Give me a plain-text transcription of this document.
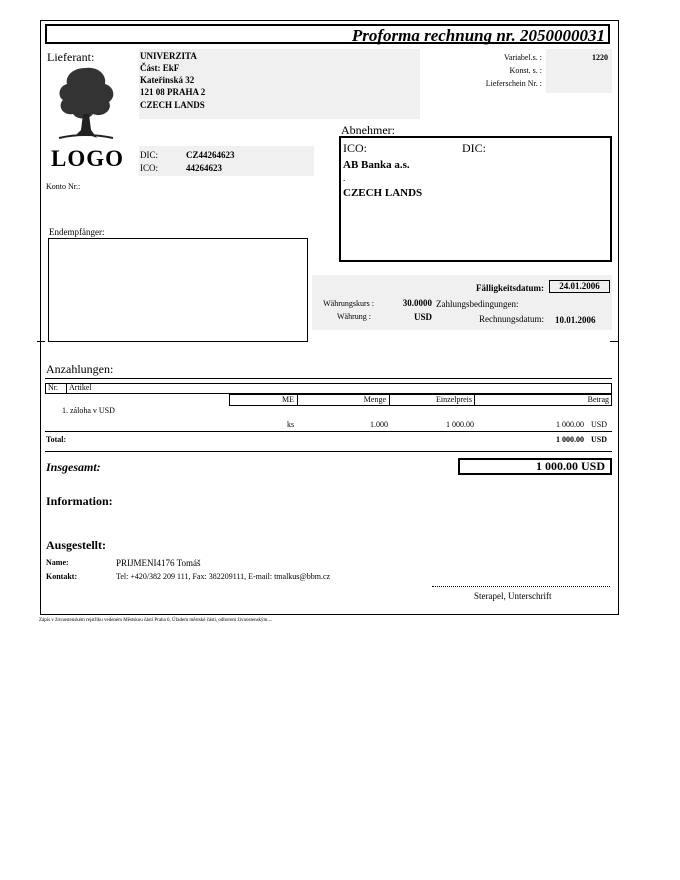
Proforma rechnung nr. 2050000031
Lieferant:	UNIVERZITA
Část: EkF
Kateřinská 32
121 08 PRAHA 2
CZECH LANDS
LOGO DIC:	CZ44264623
ICO:	44264623
Konto Nr.:
Variabel.s. :	1220
Konst. s. :
Lieferschein Nr. :
Abnehmer:
ICO:	DIC:
AB Banka a.s.
.
CZECH LANDS
Endempfänger:
Fälligkeitsdatum:	24.01.2006
Währungskurs :	30.0000 Zahlungsbedingungen:
Währung :	USD	Rechnungsdatum: 10.01.2006
Anzahlungen:
Nr. Artikel
ME	Menge	Einzelpreis	Betrag
1. záloha v USD
ks	1.000	1 000.00	1 000.00 USD
Total:	1 000.00 USD
Insgesamt:	1 000.00 USD
Information:
Ausgestellt:
Name:	PRIJMENI4176 Tomáš
Kontakt:	Tel: +420/382 209 111, Fax: 382209111, E-mail: tmalkus@bbm.cz
Sterapel, Unterschrift
Zápis v živnostenském rejstříku vedeném Městskou částí Praha 6, Úřadem městské části, odborem živnostenským....
